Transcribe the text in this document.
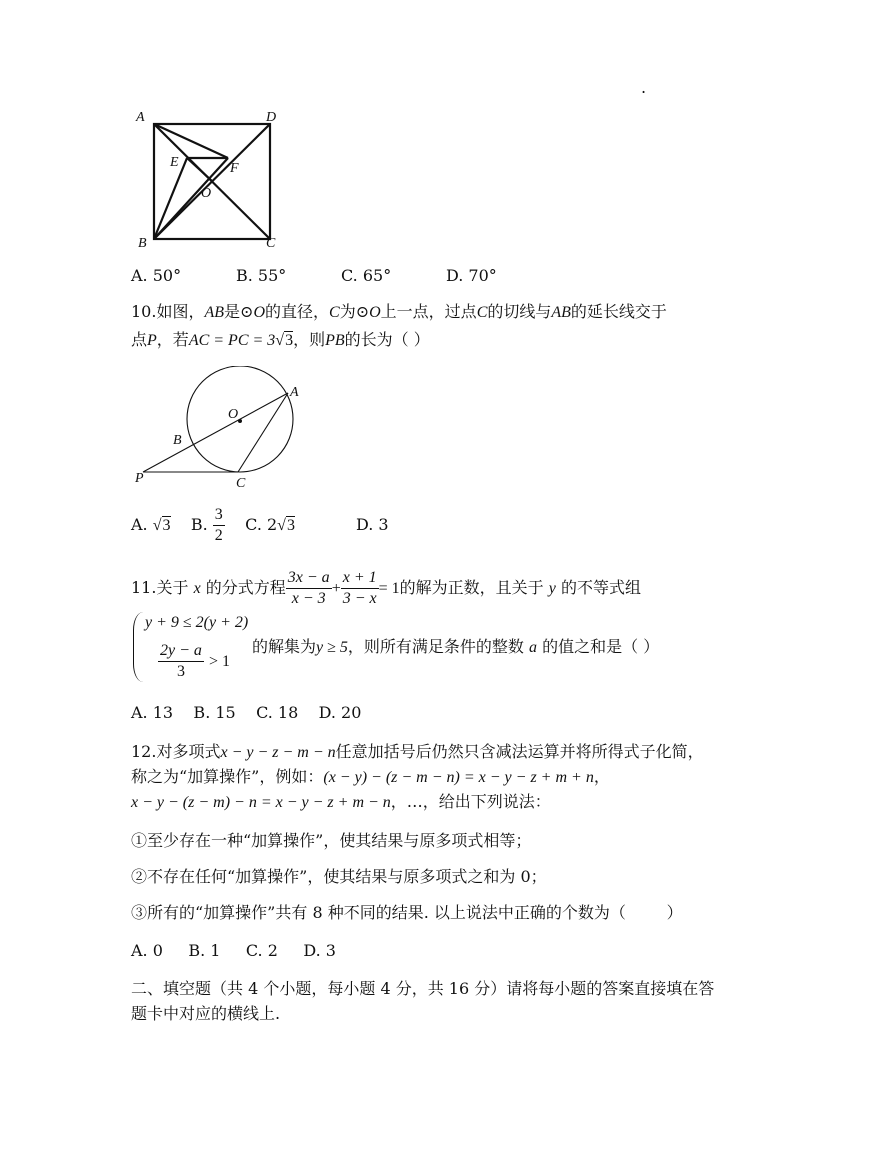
.
A	D
E	F
O
B	C
A. 50°	B. 55°	C. 65°	D. 70°
10.如图，AB是⊙O的直径，C为⊙O上一点，过点C的切线与AB的延长线交于
点P，若AC = PC = 3√3，则PB的长为（ ）
O
A
B
P	C
A. √3 B. $\frac{3}{2} C$. 2√3	D. 3
11.关于 x 的分式方程 $\frac{3x - a}{x - 3} + \frac{x + 1}{3 - x} = 1$的解为正数，且关于 y 的不等式组
y + 9 ≤ 2(y + 2)
$\frac{2y - a}{3} > 1$
的解集为y ≥ 5，则所有满足条件的整数 a 的值之和是（ ）
A. 13    B. 15    C. 18    D. 20
12.对多项式x − y − z − m − n任意加括号后仍然只含减法运算并将所得式子化简，
称之为“加算操作”，例如：(x − y) − (z − m − n) = x − y − z + m + n，
x − y − (z − m) − n = x − y − z + m − n，…，给出下列说法：
①至少存在一种“加算操作”，使其结果与原多项式相等；
②不存在任何“加算操作”，使其结果与原多项式之和为 0；
③所有的“加算操作”共有 8 种不同的结果. 以上说法中正确的个数为（        ）
A. 0     B. 1     C. 2     D. 3
二、填空题（共 4 个小题，每小题 4 分，共 16 分）请将每小题的答案直接填在答
题卡中对应的横线上.
